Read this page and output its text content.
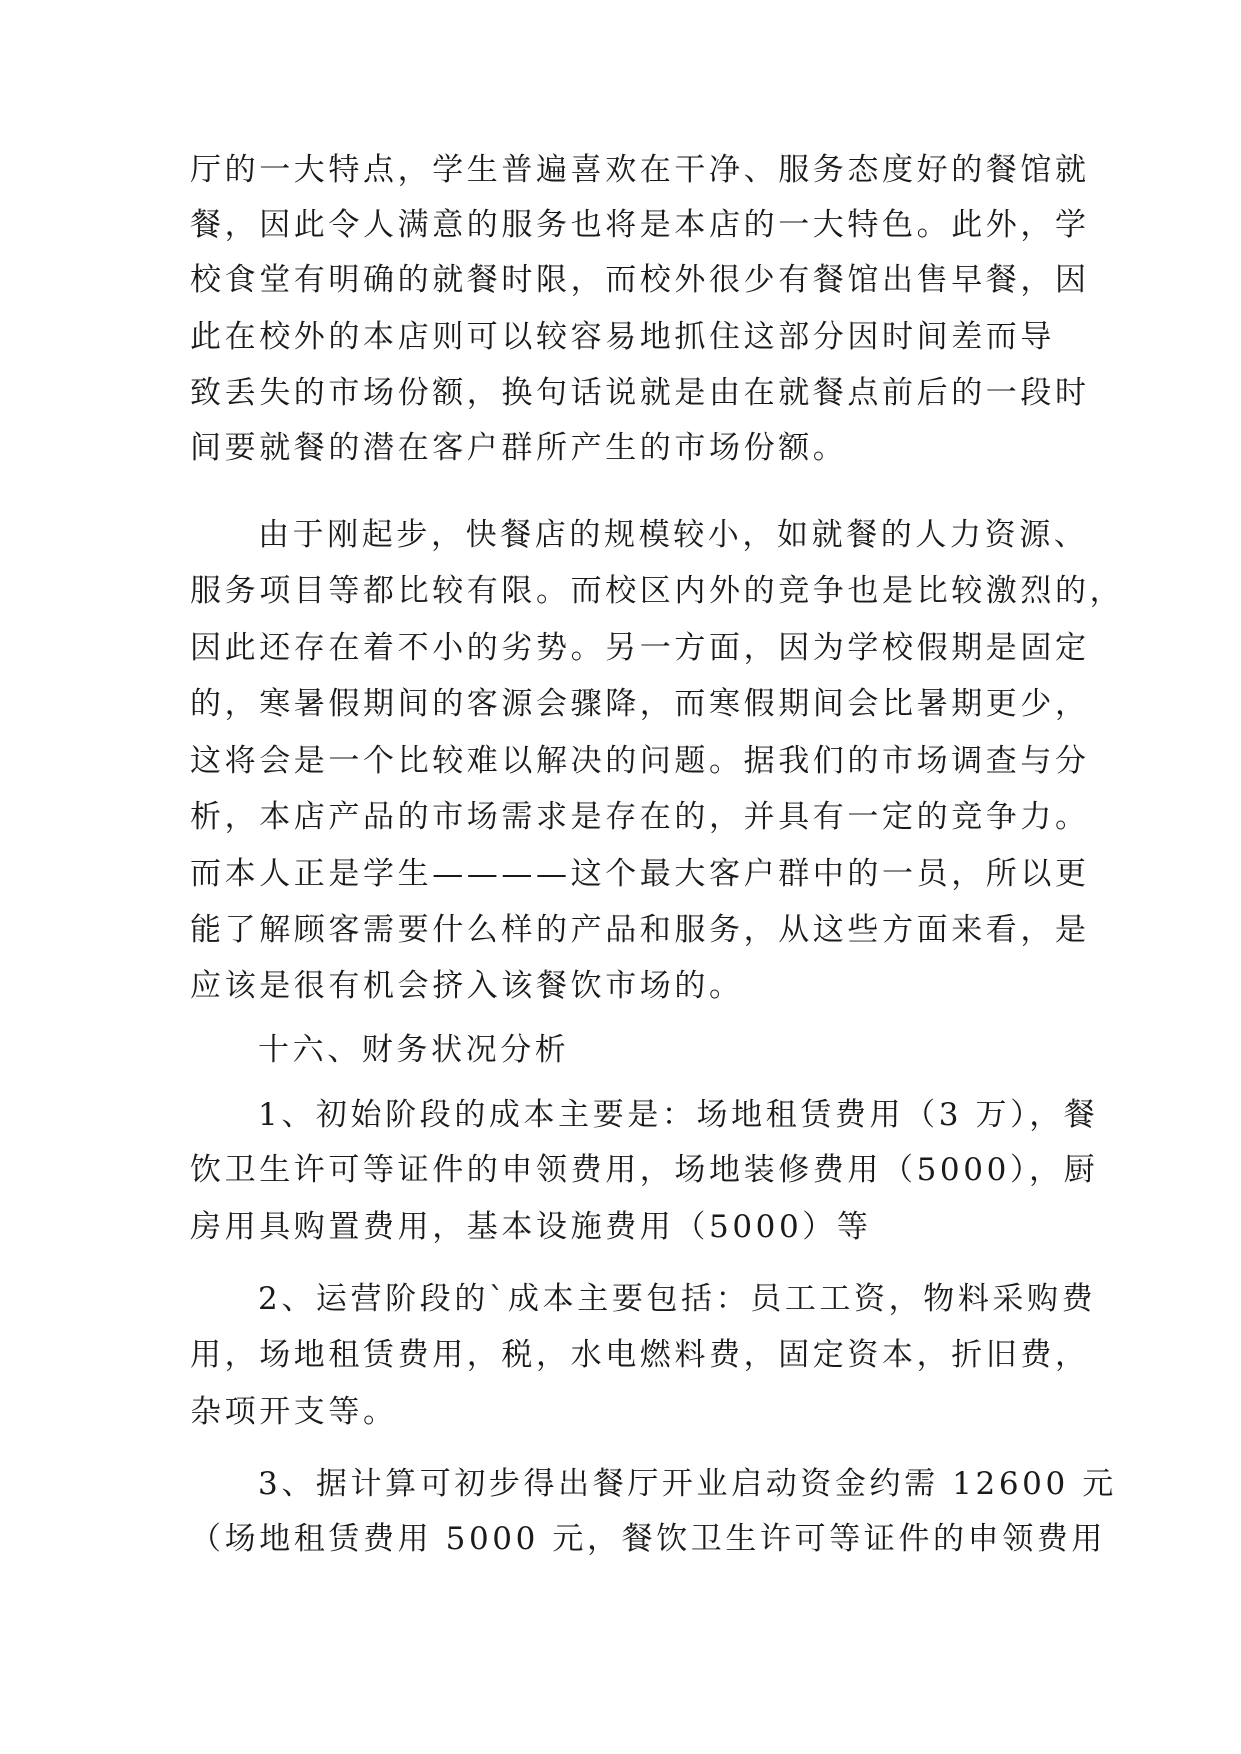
厅的一大特点，学生普遍喜欢在干净、服务态度好的餐馆就

餐，因此令人满意的服务也将是本店的一大特色。此外，学

校食堂有明确的就餐时限，而校外很少有餐馆出售早餐，因

此在校外的本店则可以较容易地抓住这部分因时间差而导

致丢失的市场份额，换句话说就是由在就餐点前后的一段时

间要就餐的潜在客户群所产生的市场份额。

由于刚起步，快餐店的规模较小，如就餐的人力资源、

服务项目等都比较有限。而校区内外的竞争也是比较激烈的，

因此还存在着不小的劣势。另一方面，因为学校假期是固定

的，寒暑假期间的客源会骤降，而寒假期间会比暑期更少，

这将会是一个比较难以解决的问题。据我们的市场调查与分

析，本店产品的市场需求是存在的，并具有一定的竞争力。

而本人正是学生————这个最大客户群中的一员，所以更

能了解顾客需要什么样的产品和服务，从这些方面来看，是

应该是很有机会挤入该餐饮市场的。

十六、财务状况分析

1、初始阶段的成本主要是：场地租赁费用（3 万），餐

饮卫生许可等证件的申领费用，场地装修费用（5000），厨

房用具购置费用，基本设施费用（5000）等

2、运营阶段的`成本主要包括：员工工资，物料采购费

用，场地租赁费用，税，水电燃料费，固定资本，折旧费，

杂项开支等。

3、据计算可初步得出餐厅开业启动资金约需 12600 元

（场地租赁费用 5000 元，餐饮卫生许可等证件的申领费用
